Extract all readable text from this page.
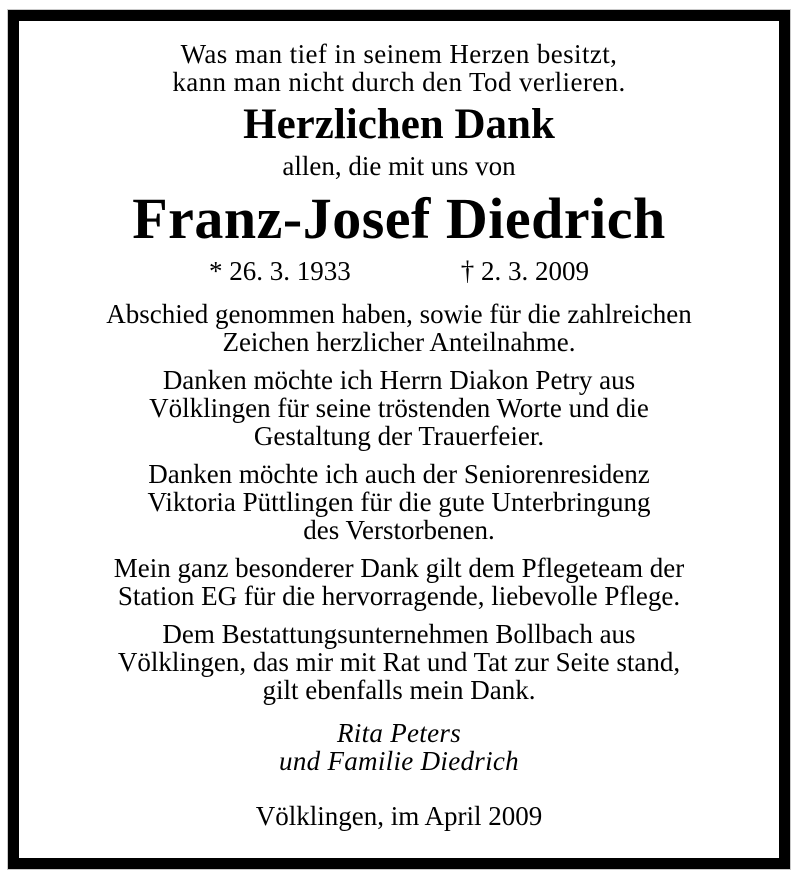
Was man tief in seinem Herzen besitzt,
kann man nicht durch den Tod verlieren.
Herzlichen Dank
allen, die mit uns von
Franz-Josef Diedrich
* 26. 3. 1933	† 2. 3. 2009
Abschied genommen haben, sowie für die zahlreichen
Zeichen herzlicher Anteilnahme.
Danken möchte ich Herrn Diakon Petry aus
Völklingen für seine tröstenden Worte und die
Gestaltung der Trauerfeier.
Danken möchte ich auch der Seniorenresidenz
Viktoria Püttlingen für die gute Unterbringung
des Verstorbenen.
Mein ganz besonderer Dank gilt dem Pflegeteam der
Station EG für die hervorragende, liebevolle Pflege.
Dem Bestattungsunternehmen Bollbach aus
Völklingen, das mir mit Rat und Tat zur Seite stand,
gilt ebenfalls mein Dank.
Rita Peters
und Familie Diedrich
Völklingen, im April 2009
